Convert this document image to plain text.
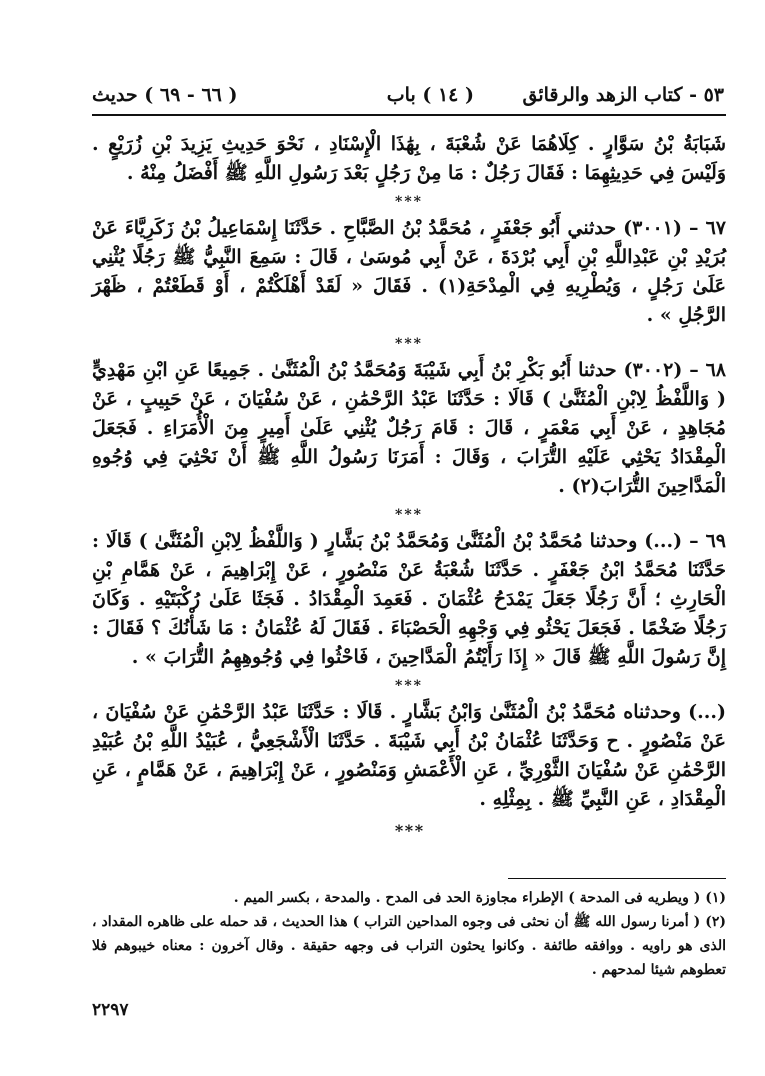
٥٣ - كتاب الزهد والرقائق
( ١٤ ) باب
( ٦٦ - ٦٩ ) حديث

شَبَابَةُ بْنُ سَوَّارٍ . كِلَاهُمَا عَنْ شُعْبَةَ ، بِهَٰذَا الْإِسْنَادِ ، نَحْوَ حَدِيثِ يَزِيدَ بْنِ زُرَيْعٍ . وَلَيْسَ فِي حَدِيثِهِمَا : فَقَالَ رَجُلٌ : مَا مِنْ رَجُلٍ بَعْدَ رَسُولِ اللَّهِ ﷺ أَفْضَلُ مِنْهُ .

***

٦٧ – (٣٠٠١) حدثني أَبُو جَعْفَرٍ ، مُحَمَّدُ بْنُ الصَّبَّاحِ . حَدَّثَنَا إِسْمَاعِيلُ بْنُ زَكَرِيَّاءَ عَنْ بُرَيْدِ بْنِ عَبْدِاللَّهِ بْنِ أَبِي بُرْدَةَ ، عَنْ أَبِي مُوسَىٰ ، قَالَ : سَمِعَ النَّبِيُّ ﷺ رَجُلًا يُثْنِي عَلَىٰ رَجُلٍ ، وَيُطْرِيهِ فِي الْمِدْحَةِ(١) . فَقَالَ « لَقَدْ أَهْلَكْتُمْ ، أَوْ قَطَعْتُمْ ، ظَهْرَ الرَّجُلِ » .

***

٦٨ – (٣٠٠٢) حدثنا أَبُو بَكْرِ بْنُ أَبِي شَيْبَةَ وَمُحَمَّدُ بْنُ الْمُثَنَّىٰ . جَمِيعًا عَنِ ابْنِ مَهْدِيٍّ ( وَاللَّفْظُ لِابْنِ الْمُثَنَّىٰ ) قَالَا : حَدَّثَنَا عَبْدُ الرَّحْمَٰنِ ، عَنْ سُفْيَانَ ، عَنْ حَبِيبٍ ، عَنْ مُجَاهِدٍ ، عَنْ أَبِي مَعْمَرٍ ، قَالَ : قَامَ رَجُلٌ يُثْنِي عَلَىٰ أَمِيرٍ مِنَ الْأُمَرَاءِ . فَجَعَلَ الْمِقْدَادُ يَحْثِي عَلَيْهِ التُّرَابَ ، وَقَالَ : أَمَرَنَا رَسُولُ اللَّهِ ﷺ أَنْ نَحْثِيَ فِي وُجُوهِ الْمَدَّاحِينَ التُّرَابَ(٢) .

***

٦٩ – (...) وحدثنا مُحَمَّدُ بْنُ الْمُثَنَّىٰ وَمُحَمَّدُ بْنُ بَشَّارٍ ( وَاللَّفْظُ لِابْنِ الْمُثَنَّىٰ ) قَالَا : حَدَّثَنَا مُحَمَّدُ ابْنُ جَعْفَرٍ . حَدَّثَنَا شُعْبَةُ عَنْ مَنْصُورٍ ، عَنْ إِبْرَاهِيمَ ، عَنْ هَمَّامِ بْنِ الْحَارِثِ ؛ أَنَّ رَجُلًا جَعَلَ يَمْدَحُ عُثْمَانَ . فَعَمِدَ الْمِقْدَادُ . فَجَثَا عَلَىٰ رُكْبَتَيْهِ . وَكَانَ رَجُلًا ضَخْمًا . فَجَعَلَ يَحْثُو فِي وَجْهِهِ الْحَصْبَاءَ . فَقَالَ لَهُ عُثْمَانُ : مَا شَأْنُكَ ؟ فَقَالَ : إِنَّ رَسُولَ اللَّهِ ﷺ قَالَ « إِذَا رَأَيْتُمُ الْمَدَّاحِينَ ، فَاحْثُوا فِي وُجُوهِهِمُ التُّرَابَ » .

***

(...) وحدثناه مُحَمَّدُ بْنُ الْمُثَنَّىٰ وَابْنُ بَشَّارٍ . قَالَا : حَدَّثَنَا عَبْدُ الرَّحْمَٰنِ عَنْ سُفْيَانَ ، عَنْ مَنْصُورٍ . ح وَحَدَّثَنَا عُثْمَانُ بْنُ أَبِي شَيْبَةَ . حَدَّثَنَا الْأَشْجَعِيُّ ، عُبَيْدُ اللَّهِ بْنُ عُبَيْدِ الرَّحْمَٰنِ عَنْ سُفْيَانَ الثَّوْرِيِّ ، عَنِ الْأَعْمَشِ وَمَنْصُورٍ ، عَنْ إِبْرَاهِيمَ ، عَنْ هَمَّامٍ ، عَنِ الْمِقْدَادِ ، عَنِ النَّبِيِّ ﷺ . بِمِثْلِهِ .

* * *

(١) ( ويطريه فى المدحة ) الإطراء مجاوزة الحد فى المدح . والمدحة ، بكسر الميم .

(٢) ( أمرنا رسول الله ﷺ أن نحثى فى وجوه المداحين التراب ) هذا الحديث ، قد حمله على ظاهره المقداد ، الذى هو راويه . ووافقه طائفة . وكانوا يحثون التراب فى وجهه حقيقة . وقال آخرون : معناه خيبوهم فلا تعطوهم شيئا لمدحهم .

٢٢٩٧
